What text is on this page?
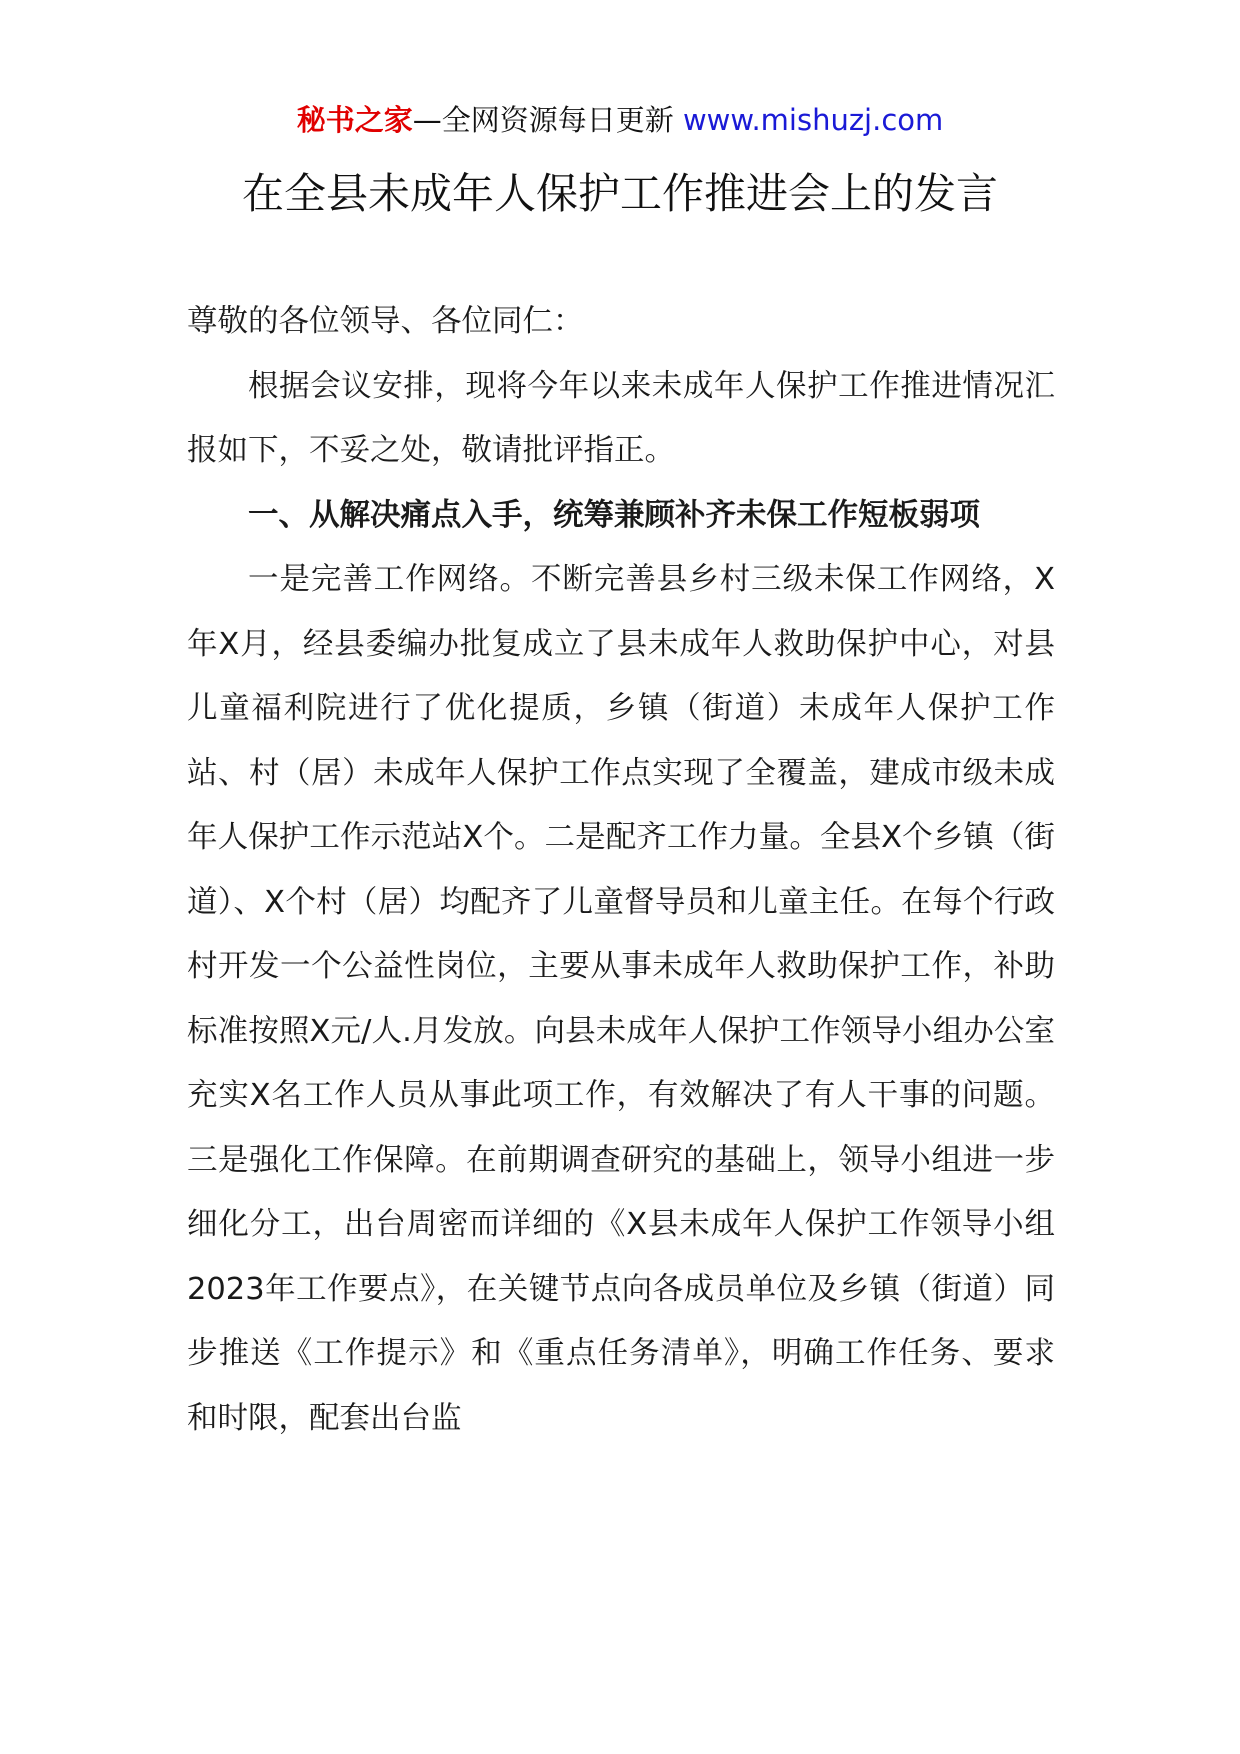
秘书之家—全网资源每日更新 www.mishuzj.com
在全县未成年人保护工作推进会上的发言

尊敬的各位领导、各位同仁：

根据会议安排，现将今年以来未成年人保护工作推进情况汇报如下，不妥之处，敬请批评指正。

一、从解决痛点入手，统筹兼顾补齐未保工作短板弱项

一是完善工作网络。不断完善县乡村三级未保工作网络，X年X月，经县委编办批复成立了县未成年人救助保护中心，对县儿童福利院进行了优化提质，乡镇（街道）未成年人保护工作站、村（居）未成年人保护工作点实现了全覆盖，建成市级未成年人保护工作示范站X个。二是配齐工作力量。全县X个乡镇（街道）、X个村（居）均配齐了儿童督导员和儿童主任。在每个行政村开发一个公益性岗位，主要从事未成年人救助保护工作，补助标准按照X元/人.月发放。向县未成年人保护工作领导小组办公室充实X名工作人员从事此项工作，有效解决了有人干事的问题。三是强化工作保障。在前期调查研究的基础上，领导小组进一步细化分工，出台周密而详细的《X县未成年人保护工作领导小组2023年工作要点》，在关键节点向各成员单位及乡镇（街道）同步推送《工作提示》和《重点任务清单》，明确工作任务、要求和时限，配套出台监
